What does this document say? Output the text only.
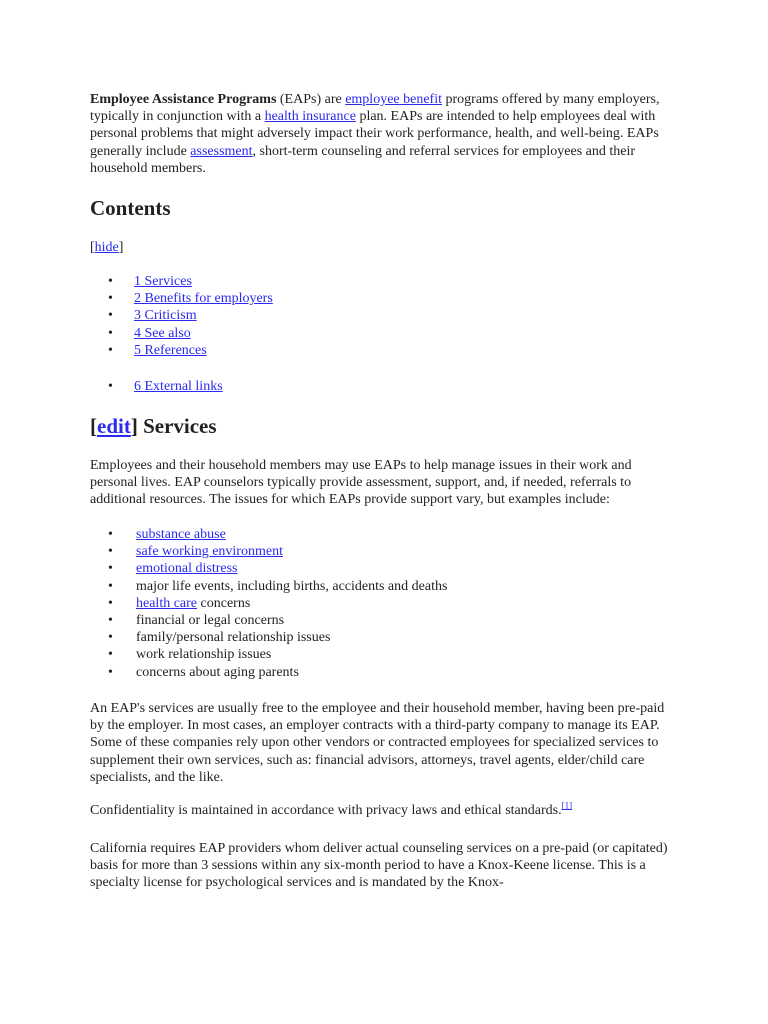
Employee Assistance Programs (EAPs) are employee benefit programs offered by many employers, typically in conjunction with a health insurance plan. EAPs are intended to help employees deal with personal problems that might adversely impact their work performance, health, and well-being. EAPs generally include assessment, short-term counseling and referral services for employees and their household members.

Contents
[hide]
• 1 Services
• 2 Benefits for employers
• 3 Criticism
• 4 See also
• 5 References
• 6 External links
[edit] Services

Employees and their household members may use EAPs to help manage issues in their work and personal lives. EAP counselors typically provide assessment, support, and, if needed, referrals to additional resources. The issues for which EAPs provide support vary, but examples include:

• substance abuse
• safe working environment
• emotional distress
• major life events, including births, accidents and deaths
• health care concerns
• financial or legal concerns
• family/personal relationship issues
• work relationship issues
• concerns about aging parents

An EAP's services are usually free to the employee and their household member, having been pre-paid by the employer. In most cases, an employer contracts with a third-party company to manage its EAP. Some of these companies rely upon other vendors or contracted employees for specialized services to supplement their own services, such as: financial advisors, attorneys, travel agents, elder/child care specialists, and the like.

Confidentiality is maintained in accordance with privacy laws and ethical standards.[1]

California requires EAP providers whom deliver actual counseling services on a pre-paid (or capitated) basis for more than 3 sessions within any six-month period to have a Knox-Keene license. This is a specialty license for psychological services and is mandated by the Knox-
